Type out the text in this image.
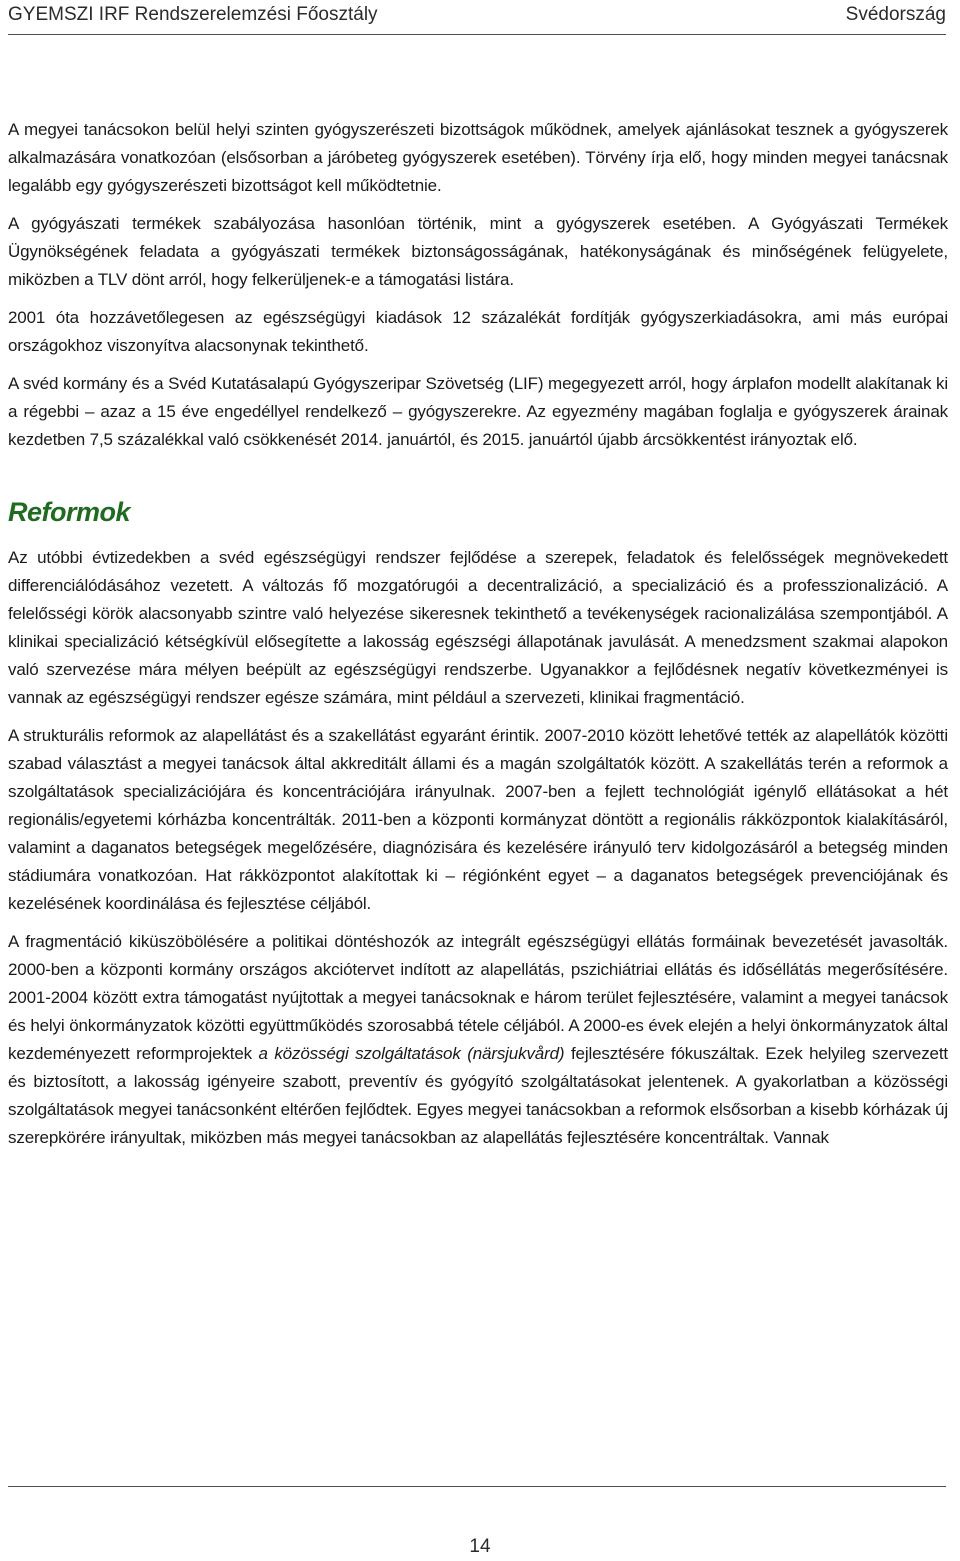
GYEMSZI IRF Rendszerelemzési Főosztály	Svédország

A megyei tanácsokon belül helyi szinten gyógyszerészeti bizottságok működnek, amelyek ajánlásokat tesznek a gyógyszerek alkalmazására vonatkozóan (elsősorban a járóbeteg gyógyszerek esetében). Törvény írja elő, hogy minden megyei tanácsnak legalább egy gyógyszerészeti bizottságot kell működtetnie.

A gyógyászati termékek szabályozása hasonlóan történik, mint a gyógyszerek esetében. A Gyógyászati Termékek Ügynökségének feladata a gyógyászati termékek biztonságosságának, hatékonyságának és minőségének felügyelete, miközben a TLV dönt arról, hogy felkerüljenek-e a támogatási listára.

2001 óta hozzávetőlegesen az egészségügyi kiadások 12 százalékát fordítják gyógyszerkiadásokra, ami más európai országokhoz viszonyítva alacsonynak tekinthető.

A svéd kormány és a Svéd Kutatásalapú Gyógyszeripar Szövetség (LIF) megegyezett arról, hogy árplafon modellt alakítanak ki a régebbi – azaz a 15 éve engedéllyel rendelkező – gyógyszerekre. Az egyezmény magában foglalja e gyógyszerek árainak kezdetben 7,5 százalékkal való csökkenését 2014. januártól, és 2015. januártól újabb árcsökkentést irányoztak elő.

Reformok

Az utóbbi évtizedekben a svéd egészségügyi rendszer fejlődése a szerepek, feladatok és felelősségek megnövekedett differenciálódásához vezetett. A változás fő mozgatórugói a decentralizáció, a specializáció és a professzionalizáció. A felelősségi körök alacsonyabb szintre való helyezése sikeresnek tekinthető a tevékenységek racionalizálása szempontjából. A klinikai specializáció kétségkívül elősegítette a lakosság egészségi állapotának javulását. A menedzsment szakmai alapokon való szervezése mára mélyen beépült az egészségügyi rendszerbe. Ugyanakkor a fejlődésnek negatív következményei is vannak az egészségügyi rendszer egésze számára, mint például a szervezeti, klinikai fragmentáció.

A strukturális reformok az alapellátást és a szakellátást egyaránt érintik. 2007-2010 között lehetővé tették az alapellátók közötti szabad választást a megyei tanácsok által akkreditált állami és a magán szolgáltatók között. A szakellátás terén a reformok a szolgáltatások specializációjára és koncentrációjára irányulnak. 2007-ben a fejlett technológiát igénylő ellátásokat a hét regionális/egyetemi kórházba koncentrálták. 2011-ben a központi kormányzat döntött a regionális rákközpontok kialakításáról, valamint a daganatos betegségek megelőzésére, diagnózisára és kezelésére irányuló terv kidolgozásáról a betegség minden stádiumára vonatkozóan. Hat rákközpontot alakítottak ki – régiónként egyet – a daganatos betegségek prevenciójának és kezelésének koordinálása és fejlesztése céljából.

A fragmentáció kiküszöbölésére a politikai döntéshozók az integrált egészségügyi ellátás formáinak bevezetését javasolták. 2000-ben a központi kormány országos akciótervet indított az alapellátás, pszichiátriai ellátás és időséllátás megerősítésére. 2001-2004 között extra támogatást nyújtottak a megyei tanácsoknak e három terület fejlesztésére, valamint a megyei tanácsok és helyi önkormányzatok közötti együttműködés szorosabbá tétele céljából. A 2000-es évek elején a helyi önkormányzatok által kezdeményezett reformprojektek a közösségi szolgáltatások (närsjukvård) fejlesztésére fókuszáltak. Ezek helyileg szervezett és biztosított, a lakosság igényeire szabott, preventív és gyógyító szolgáltatásokat jelentenek. A gyakorlatban a közösségi szolgáltatások megyei tanácsonként eltérően fejlődtek. Egyes megyei tanácsokban a reformok elsősorban a kisebb kórházak új szerepkörére irányultak, miközben más megyei tanácsokban az alapellátás fejlesztésére koncentráltak. Vannak

14
